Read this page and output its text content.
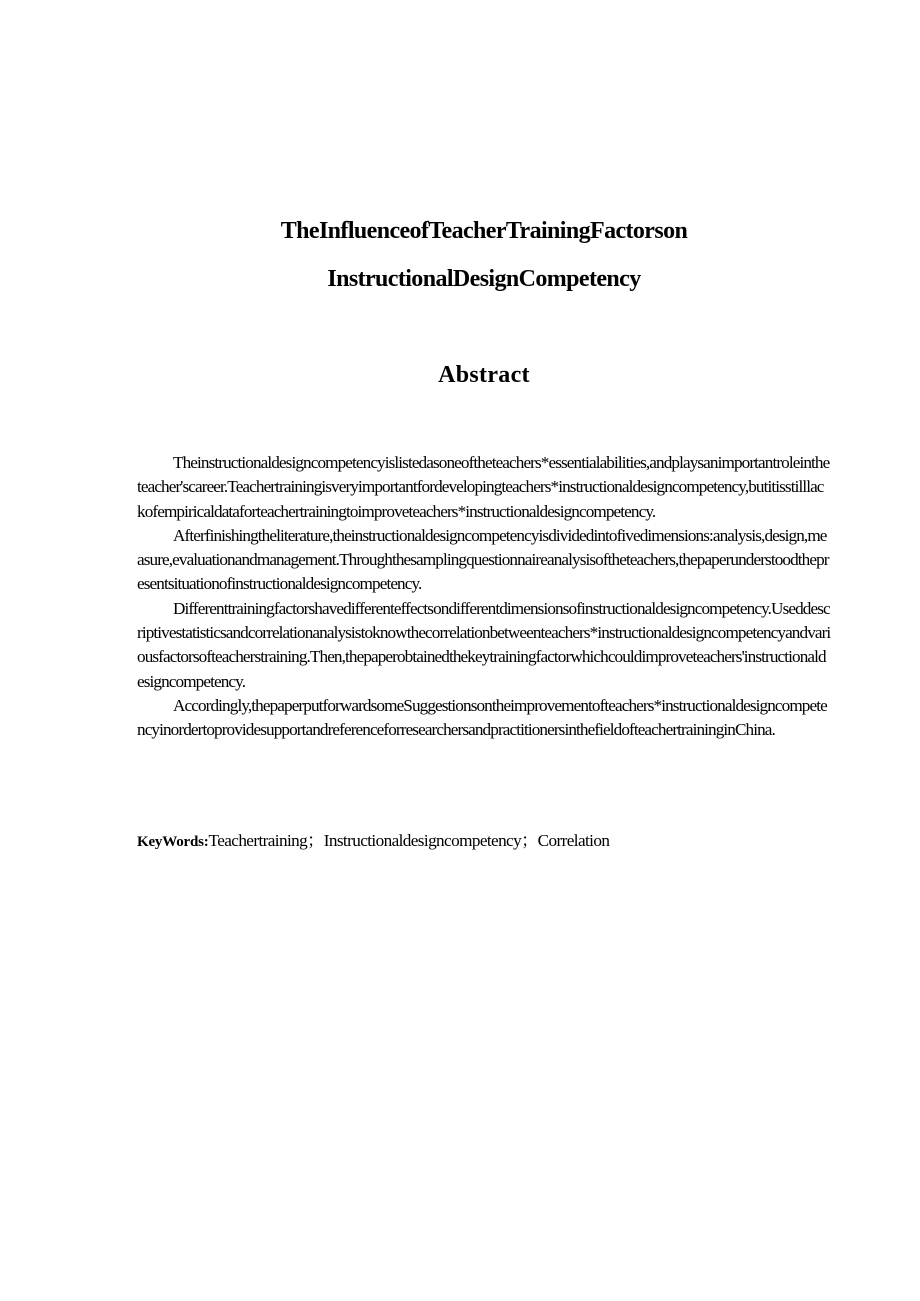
TheInfluenceofTeacherTrainingFactorson
InstructionalDesignCompetency
Abstract

Theinstructionaldesigncompetencyislistedasoneoftheteachers*essentialabilities,andplaysanimportantroleintheteacher'scareer.Teachertrainingisveryimportantfordevelopingteachers*instructionaldesigncompetency,butitisstilllackofempiricaldataforteachertrainingtoimproveteachers*instructionaldesigncompetency.

Afterfinishingtheliterature,theinstructionaldesigncompetencyisdividedintofivedimensions:analysis,design,measure,evaluationandmanagement.Throughthesamplingquestionnaireanalysisoftheteachers,thepaperunderstoodthepresentsituationofinstructionaldesigncompetency.

Differenttrainingfactorshavedifferenteffectsondifferentdimensionsofinstructionaldesigncompetency.Useddescriptivestatisticsandcorrelationanalysistoknowthecorrelationbetweenteachers*instructionaldesigncompetencyandvariousfactorsofteacherstraining.Then,thepaperobtainedthekeytrainingfactorwhichcouldimproveteachers'instructionaldesigncompetency.

Accordingly,thepaperputforwardsomeSuggestionsontheimprovementofteachers*instructionaldesigncompetencyinordertoprovidesupportandreferenceforresearchersandpractitionersinthefieldofteachertraininginChina.

KeyWords:Teachertraining；Instructionaldesigncompetency；Correlation
